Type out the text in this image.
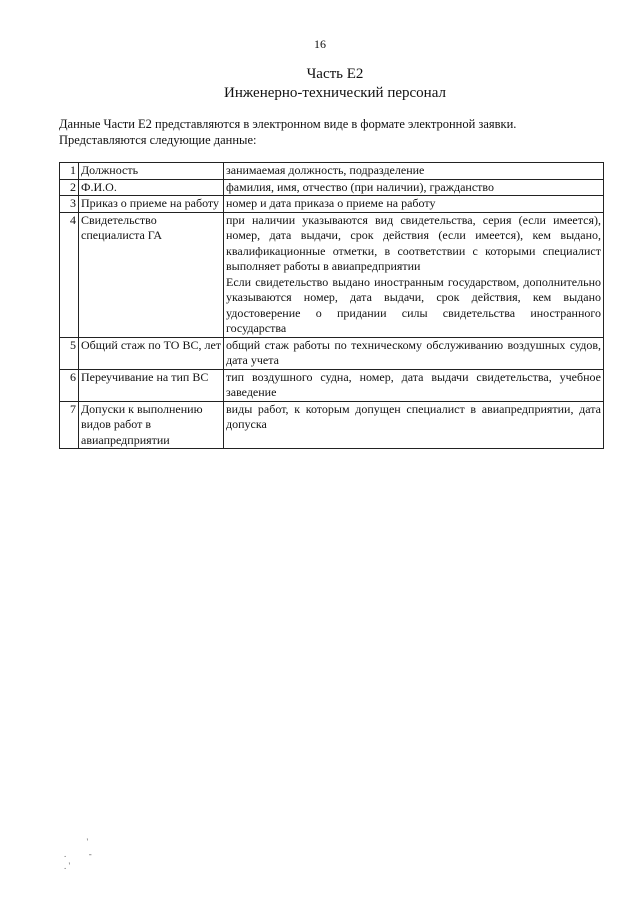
16
Часть Е2
Инженерно-технический персонал
Данные Части Е2 представляются в электронном виде в формате электронной заявки.
Представляются следующие данные:
1	Должность	занимаемая должность, подразделение
2	Ф.И.О.	фамилия, имя, отчество (при наличии), гражданство
3	Приказ о приеме на работу	номер и дата приказа о приеме на работу
4	Свидетельство специалиста ГА	при наличии указываются вид свидетельства, серия (если имеется), номер, дата выдачи, срок действия (если имеется), кем выдано, квалификационные отметки, в соответствии с которыми специалист выполняет работы в авиапредприятии
Если свидетельство выдано иностранным государством, дополнительно указываются номер, дата выдачи, срок действия, кем выдано удостоверение о придании силы свидетельства иностранного государства

5	Общий стаж по ТО ВС, лет	общий стаж работы по техническому обслуживанию воздушных судов, дата учета
6	Переучивание на тип ВС	тип воздушного судна, номер, дата выдачи свидетельства, учебное заведение
7	Допуски к выполнению видов работ в авиапредприятии	виды работ, к которым допущен специалист в авиапредприятии, дата допуска
'
.          -
. '
